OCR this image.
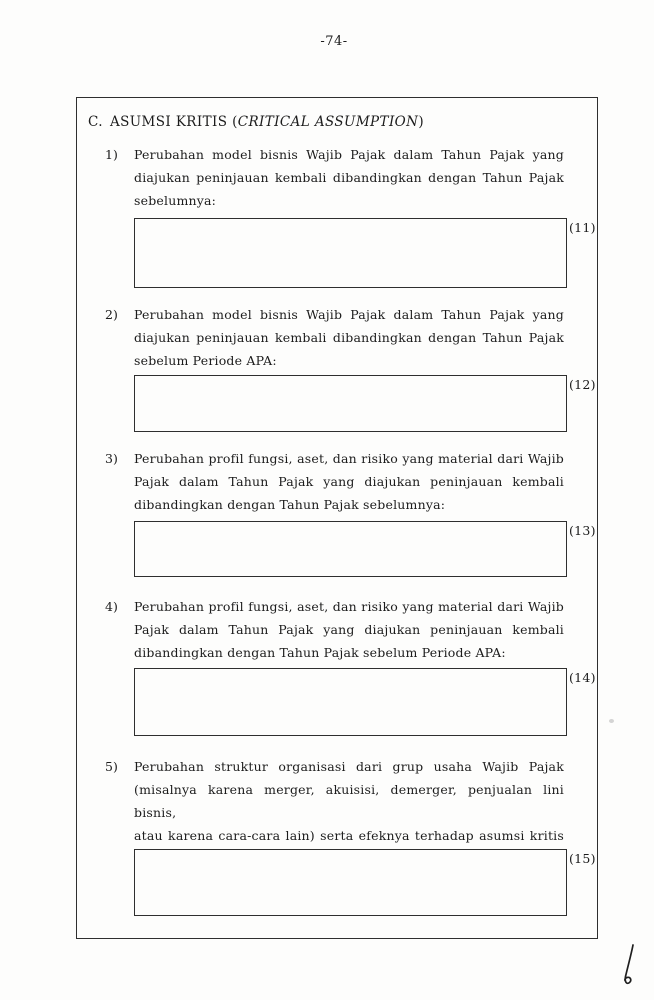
-74-
C. ASUMSI KRITIS (CRITICAL ASSUMPTION)
1)	Perubahan model bisnis Wajib Pajak dalam Tahun Pajak yang
diajukan peninjauan kembali dibandingkan dengan Tahun Pajak
sebelumnya:
(11)
2)	Perubahan model bisnis Wajib Pajak dalam Tahun Pajak yang
diajukan peninjauan kembali dibandingkan dengan Tahun Pajak
sebelum Periode APA:
(12)
3)	Perubahan profil fungsi, aset, dan risiko yang material dari Wajib
Pajak dalam Tahun Pajak yang diajukan peninjauan kembali
dibandingkan dengan Tahun Pajak sebelumnya:
(13)
4)	Perubahan profil fungsi, aset, dan risiko yang material dari Wajib
Pajak dalam Tahun Pajak yang diajukan peninjauan kembali
dibandingkan dengan Tahun Pajak sebelum Periode APA:
(14)
5)	Perubahan struktur organisasi dari grup usaha Wajib Pajak
(misalnya karena merger, akuisisi, demerger, penjualan lini bisnis,
atau karena cara-cara lain) serta efeknya terhadap asumsi kritis
(15)
